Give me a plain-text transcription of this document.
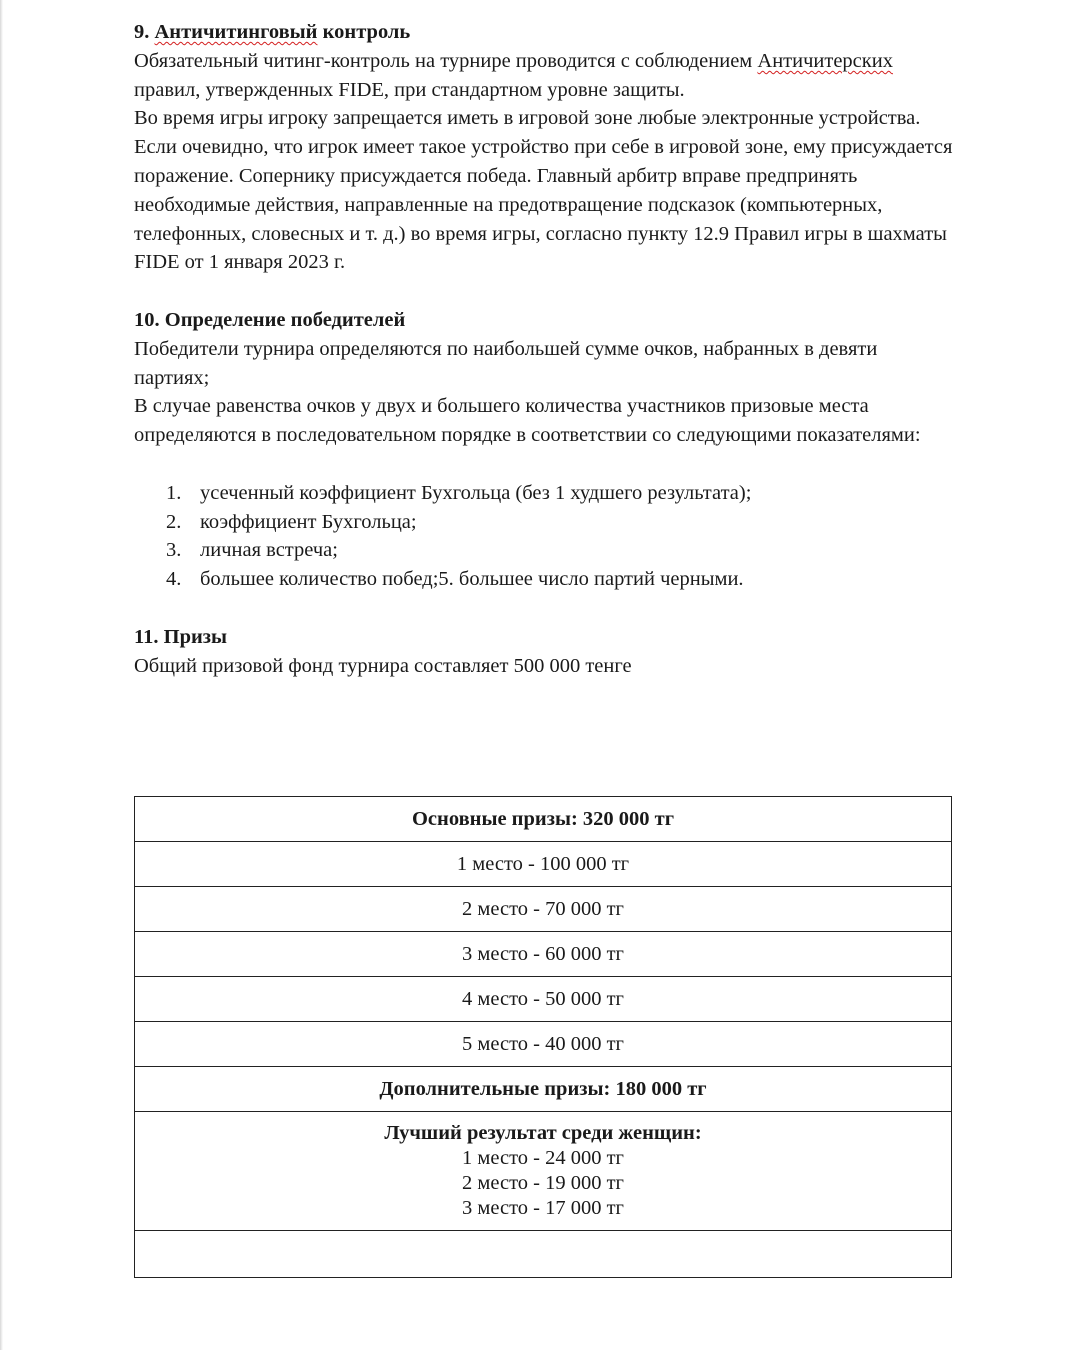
9. Античитинговый контроль

Обязательный читинг-контроль на турнире проводится с соблюдением Античитерских правил, утвержденных FIDE, при стандартном уровне защиты.

Во время игры игроку запрещается иметь в игровой зоне любые электронные устройства. Если очевидно, что игрок имеет такое устройство при себе в игровой зоне, ему присуждается поражение. Сопернику присуждается победа. Главный арбитр вправе предпринять необходимые действия, направленные на предотвращение подсказок (компьютерных, телефонных, словесных и т. д.) во время игры, согласно пункту 12.9 Правил игры в шахматы FIDE от 1 января 2023 г.

10. Определение победителей

Победители турнира определяются по наибольшей сумме очков, набранных в девяти партиях;

В случае равенства очков у двух и большего количества участников призовые места определяются в последовательном порядке в соответствии со следующими показателями:

1. усеченный коэффициент Бухгольца (без 1 худшего результата);
2. коэффициент Бухгольца;
3. личная встреча;
4. большее количество побед;5. большее число партий черными.

11. Призы

Общий призовой фонд турнира составляет 500 000 тенге

Основные призы: 320 000 тг
1 место - 100 000 тг
2 место - 70 000 тг
3 место - 60 000 тг
4 место - 50 000 тг
5 место - 40 000 тг
Дополнительные призы: 180 000 тг

Лучший результат среди женщин:
1 место - 24 000 тг
2 место - 19 000 тг
3 место - 17 000 тг
